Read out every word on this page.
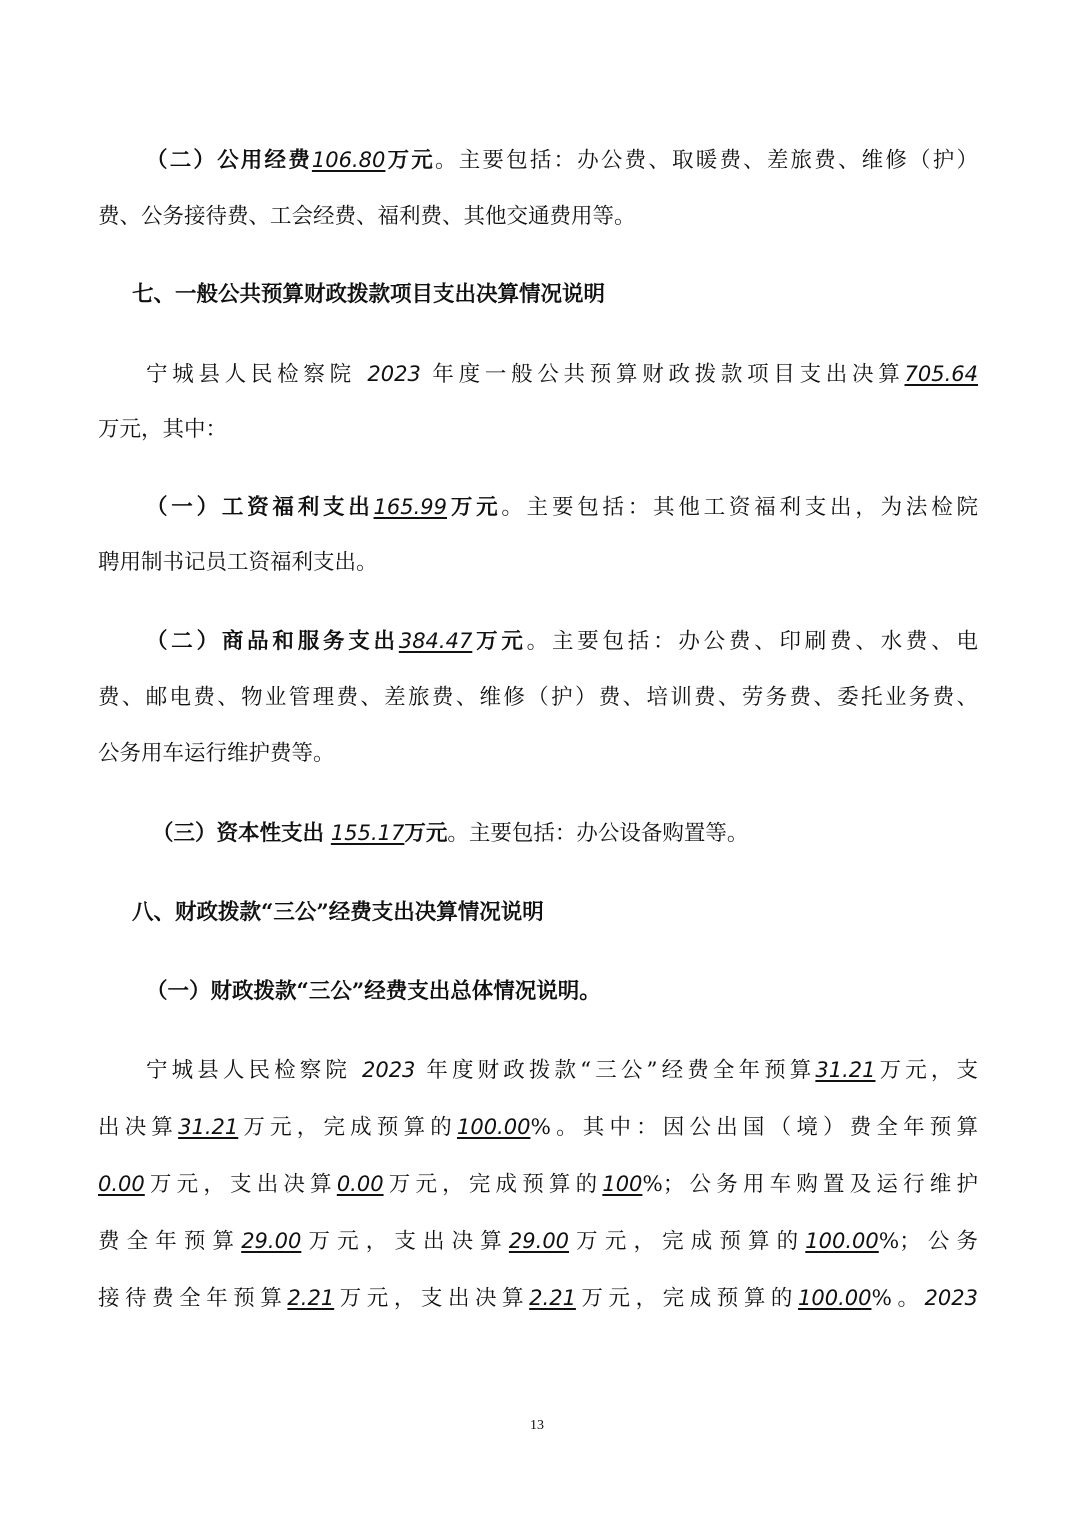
（二）公用经费106.80万元。主要包括：办公费、取暖费、差旅费、维修（护）
费、公务接待费、工会经费、福利费、其他交通费用等。
七、一般公共预算财政拨款项目支出决算情况说明
宁城县人民检察院 2023 年度一般公共预算财政拨款项目支出决算705.64
万元，其中：
（一）工资福利支出165.99万元。主要包括：其他工资福利支出，为法检院
聘用制书记员工资福利支出。
（二）商品和服务支出384.47万元。主要包括：办公费、印刷费、水费、电
费、邮电费、物业管理费、差旅费、维修（护）费、培训费、劳务费、委托业务费、
公务用车运行维护费等。
（三）资本性支出 155.17万元。主要包括：办公设备购置等。
八、财政拨款“三公”经费支出决算情况说明
（一）财政拨款“三公”经费支出总体情况说明。
宁城县人民检察院 2023 年度财政拨款“三公”经费全年预算31.21万元，支
出决算31.21万元，完成预算的100.00%。其中：因公出国（境）费全年预算
0.00万元，支出决算0.00万元，完成预算的100%；公务用车购置及运行维护
费全年预算29.00万元，支出决算29.00万元，完成预算的100.00%；公务
接待费全年预算2.21万元，支出决算2.21万元，完成预算的100.00%。2023
13
